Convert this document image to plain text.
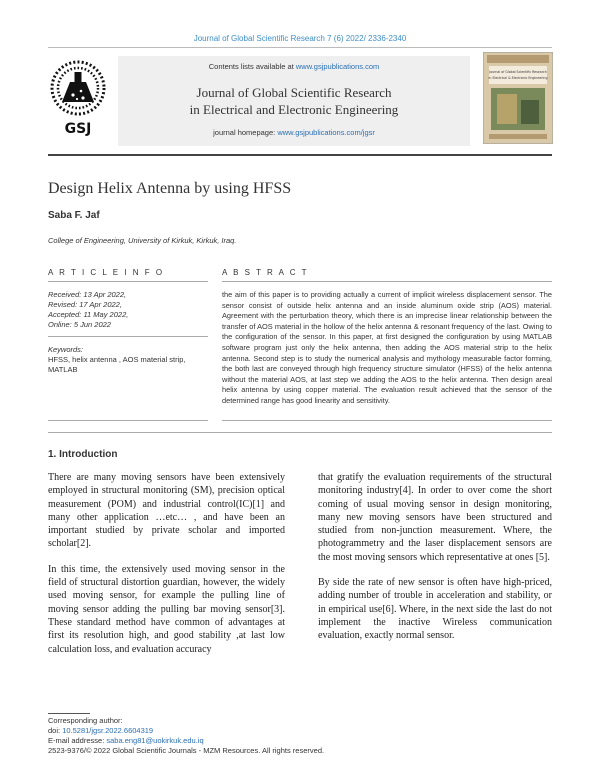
Journal of Global Scientific Research 7 (6) 2022/ 2336-2340
GSJ
Contents lists available at www.gsjpublications.com
Journal of Global Scientific Research
in Electrical and Electronic Engineering
journal homepage: www.gsjpublications.com/jgsr
Journal of Global Scientific Research
in Electrical & Electronic Engineering
Design Helix Antenna by using HFSS
Saba F. Jaf
College of Engineering, University of Kirkuk, Kirkuk, Iraq.
A R T I C L E I N F O	A B S T R A C T
Received: 13 Apr 2022,
Revised: 17 Apr 2022,
Accepted: 11 May 2022,
Online: 5 Jun 2022
Keywords:
HFSS, helix antenna , AOS material strip, MATLAB
the aim of this paper is to providing actually a current of implicit wireless displacement sensor. The sensor consist of outside helix antenna and an inside aluminum oxide strip (AOS) material. Agreement with the perturbation theory, which there is an imprecise linear relationship between the transfer of AOS material in the hollow of the helix antenna & resonant frequency of the last. Owing to the configuration of the sensor. In this paper, at first designed the configuration by using MATLAB software program just only the helix antenna, then adding the AOS material strip to the helix antenna. Second step is to study the numerical analysis and mythology measurable factor forming, the both last are conveyed through high frequency structure simulator (HFSS) of the helix antenna without the material AOS, at last step we adding the AOS to the helix antenna. Then design areal helix antenna by using copper material. The evaluation result achieved that the sensor of the determined range has good linearity and sensitivity.
1. Introduction

There are many moving sensors have been extensively employed in structural monitoring (SM), precision optical measurement (POM) and industrial control(IC)[1] and many other application …etc… , and have been an important studied by private scholar and imported scholar[2].

In this time, the extensively used moving sensor in the field of structural distortion guardian, however, the widely used moving sensor, for example the pulling line of moving sensor adding the pulling bar moving sensor[3]. These standard method have common of advantages at first its resolution high, and good stability ,at last low calculation loss, and evaluation accuracy

that gratify the evaluation requirements of the structural monitoring industry[4]. In order to over come the short coming of usual moving sensor in design monitoring, many new moving sensors have been structured and studied from non-junction measurement. Where, the photogrammetry and the laser displacement sensors are the most moving sensors which representative at ones [5].

By side the rate of new sensor is often have high-priced, adding number of trouble in acceleration and stability, or in empirical use[6]. Where, in the next side the last do not implement the inactive Wireless communication evaluation, exactly normal sensor.

Corresponding author:
doi: 10.5281/jgsr.2022.6604319
E-mail addresse: saba.eng81@uokirkuk.edu.iq
2523-9376/© 2022 Global Scientific Journals - MZM Resources. All rights reserved.
